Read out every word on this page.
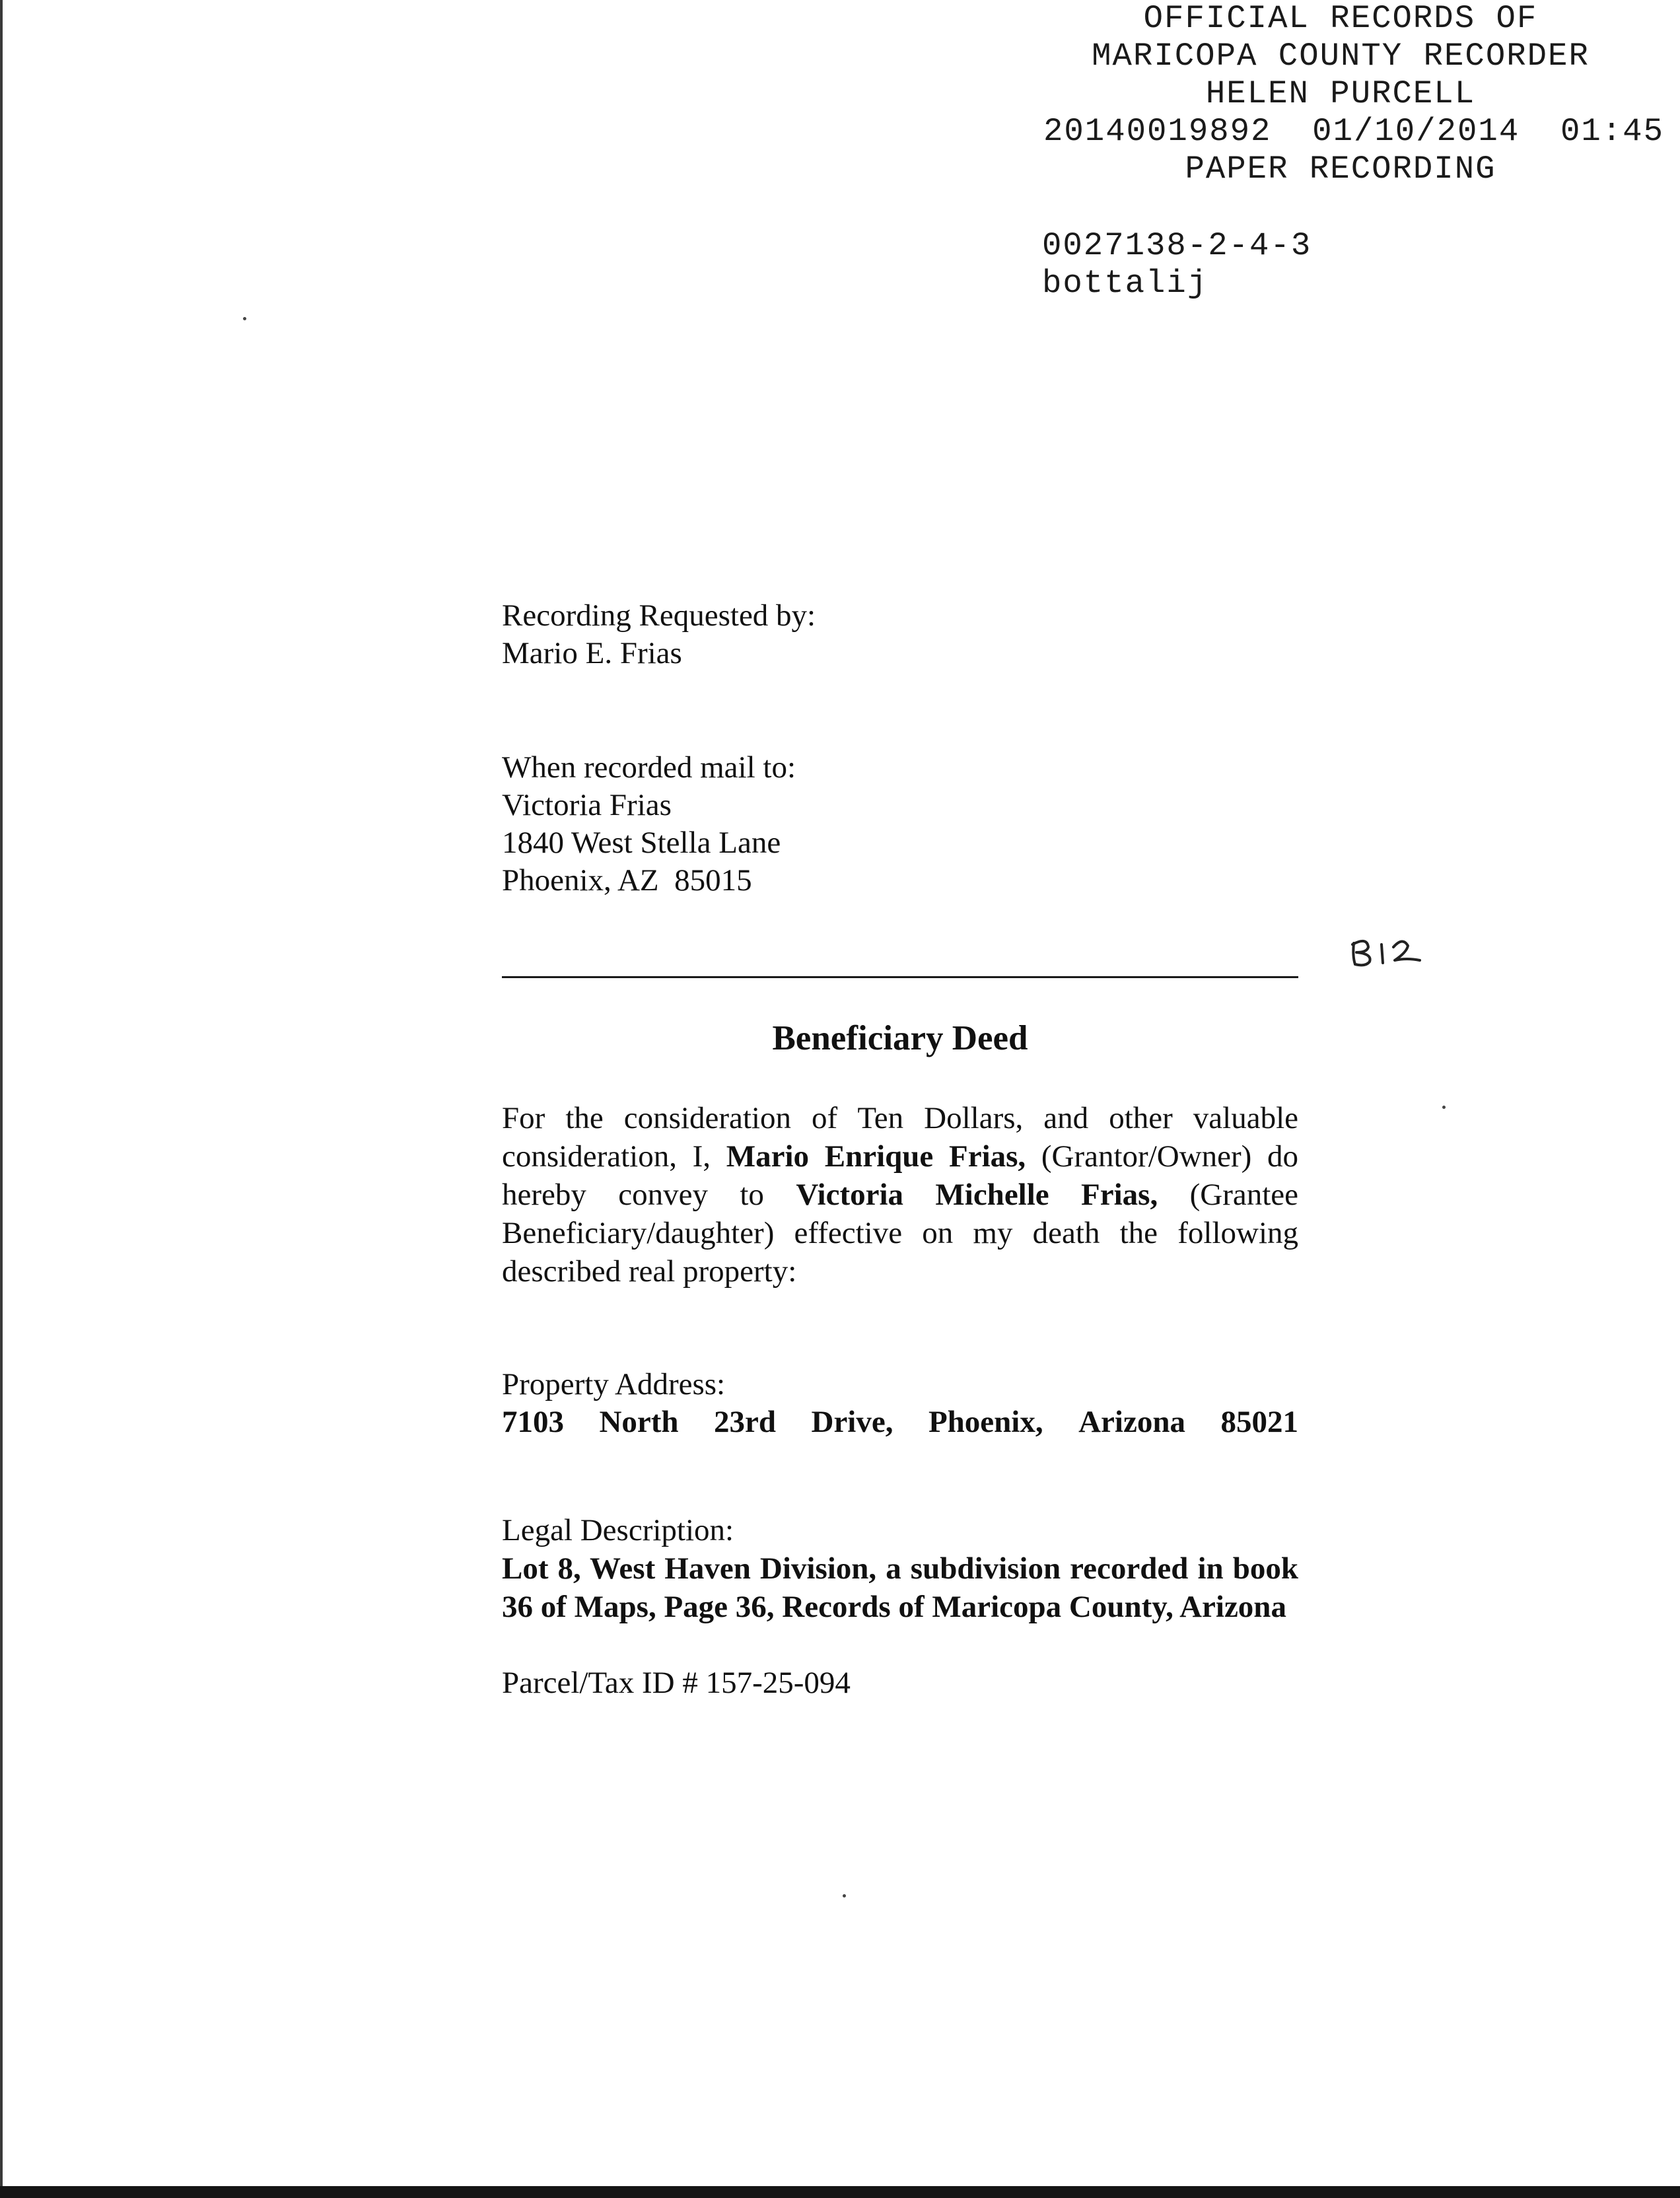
OFFICIAL RECORDS OF
MARICOPA COUNTY RECORDER
HELEN PURCELL
20140019892 01/10/2014 01:45
PAPER RECORDING
0027138-2-4-3
bottalij
Recording Requested by:
Mario E. Frias
When recorded mail to:
Victoria Frias
1840 West Stella Lane
Phoenix, AZ  85015
Beneficiary Deed
For the consideration of Ten Dollars, and other valuable consideration, I, Mario Enrique Frias, (Grantor/Owner) do hereby convey to Victoria Michelle Frias, (Grantee Beneficiary/daughter) effective on my death the following described real property:
Property Address:
7103 North 23rd Drive, Phoenix, Arizona 85021
Legal Description:
Lot 8, West Haven Division, a subdivision recorded in book 36 of Maps, Page 36, Records of Maricopa County, Arizona
Parcel/Tax ID # 157-25-094
